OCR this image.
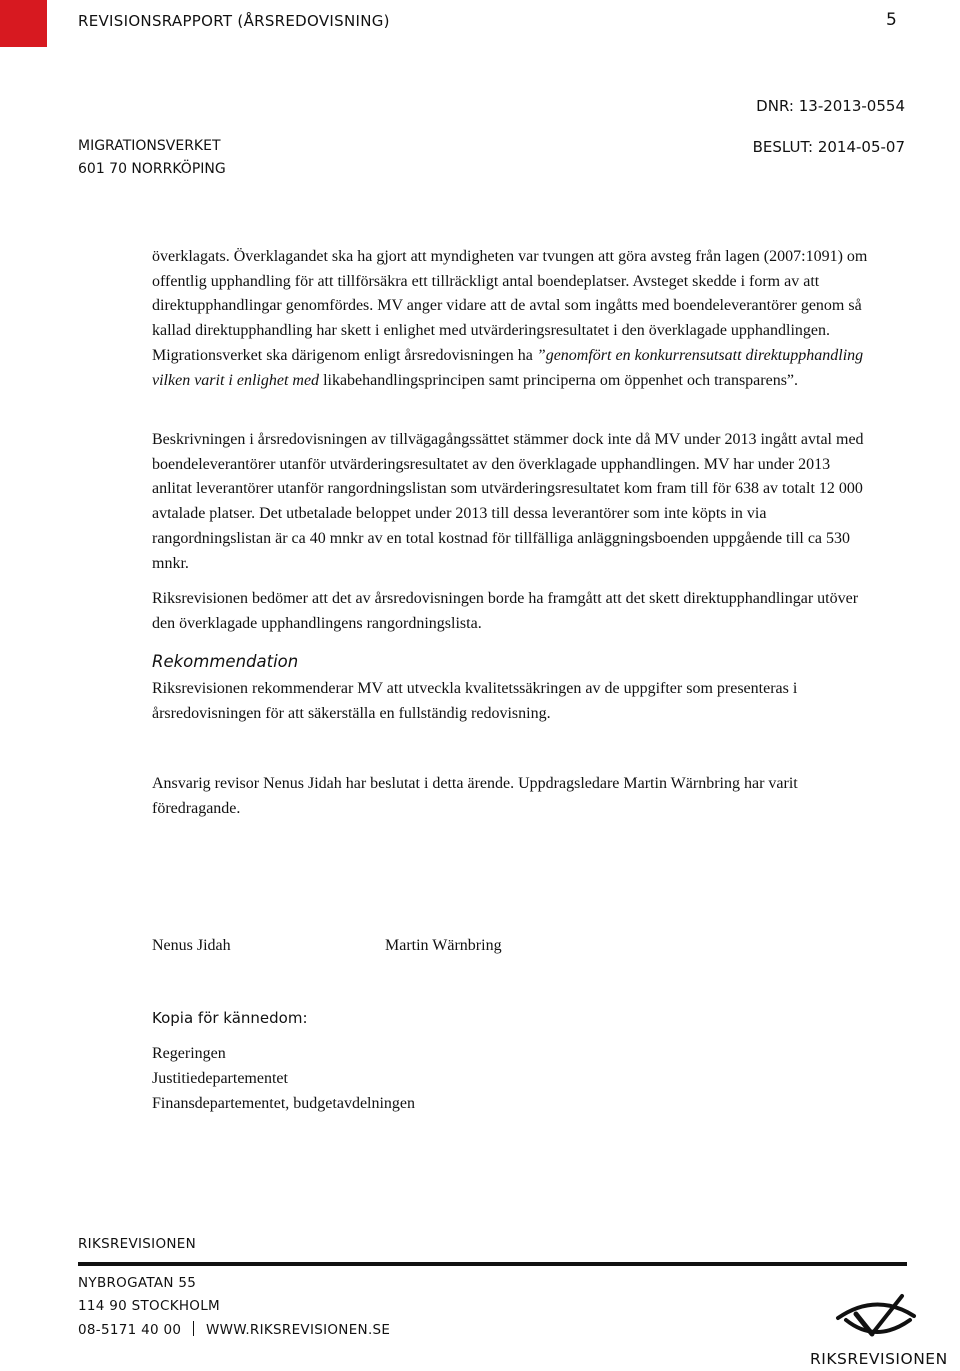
REVISIONSRAPPORT (ÅRSREDOVISNING)	5
DNR: 13-2013-0554
MIGRATIONSVERKET
601 70 NORRKÖPING
BESLUT: 2014-05-07

överklagats. Överklagandet ska ha gjort att myndigheten var tvungen att göra avsteg från lagen (2007:1091) om offentlig upphandling för att tillförsäkra ett tillräckligt antal boendeplatser. Avsteget skedde i form av att direktupphandlingar genomfördes. MV anger vidare att de avtal som ingåtts med boendeleverantörer genom så kallad direktupphandling har skett i enlighet med utvärderingsresultatet i den överklagade upphandlingen. Migrationsverket ska därigenom enligt årsredovisningen ha ”genomfört en konkurrensutsatt direktupphandling vilken varit i enlighet med likabehandlingsprincipen samt principerna om öppenhet och transparens”.

Beskrivningen i årsredovisningen av tillvägagångssättet stämmer dock inte då MV under 2013 ingått avtal med boendeleverantörer utanför utvärderingsresultatet av den överklagade upphandlingen. MV har under 2013 anlitat leverantörer utanför rangordningslistan som utvärderingsresultatet kom fram till för 638 av totalt 12 000 avtalade platser. Det utbetalade beloppet under 2013 till dessa leverantörer som inte köpts in via rangordningslistan är ca 40 mnkr av en total kostnad för tillfälliga anläggningsboenden uppgående till ca 530 mnkr.

Riksrevisionen bedömer att det av årsredovisningen borde ha framgått att det skett direktupphandlingar utöver den överklagade upphandlingens rangordningslista.

Rekommendation

Riksrevisionen rekommenderar MV att utveckla kvalitetssäkringen av de uppgifter som presenteras i årsredovisningen för att säkerställa en fullständig redovisning.

Ansvarig revisor Nenus Jidah har beslutat i detta ärende. Uppdragsledare Martin Wärnbring har varit föredragande.

Nenus Jidah	Martin Wärnbring
Kopia för kännedom:
Regeringen
Justitiedepartementet
Finansdepartementet, budgetavdelningen
RIKSREVISIONEN
NYBROGATAN 55
114 90 STOCKHOLM
08-5171 40 00 WWW.RIKSREVISIONEN.SE
RIKSREVISIONEN
